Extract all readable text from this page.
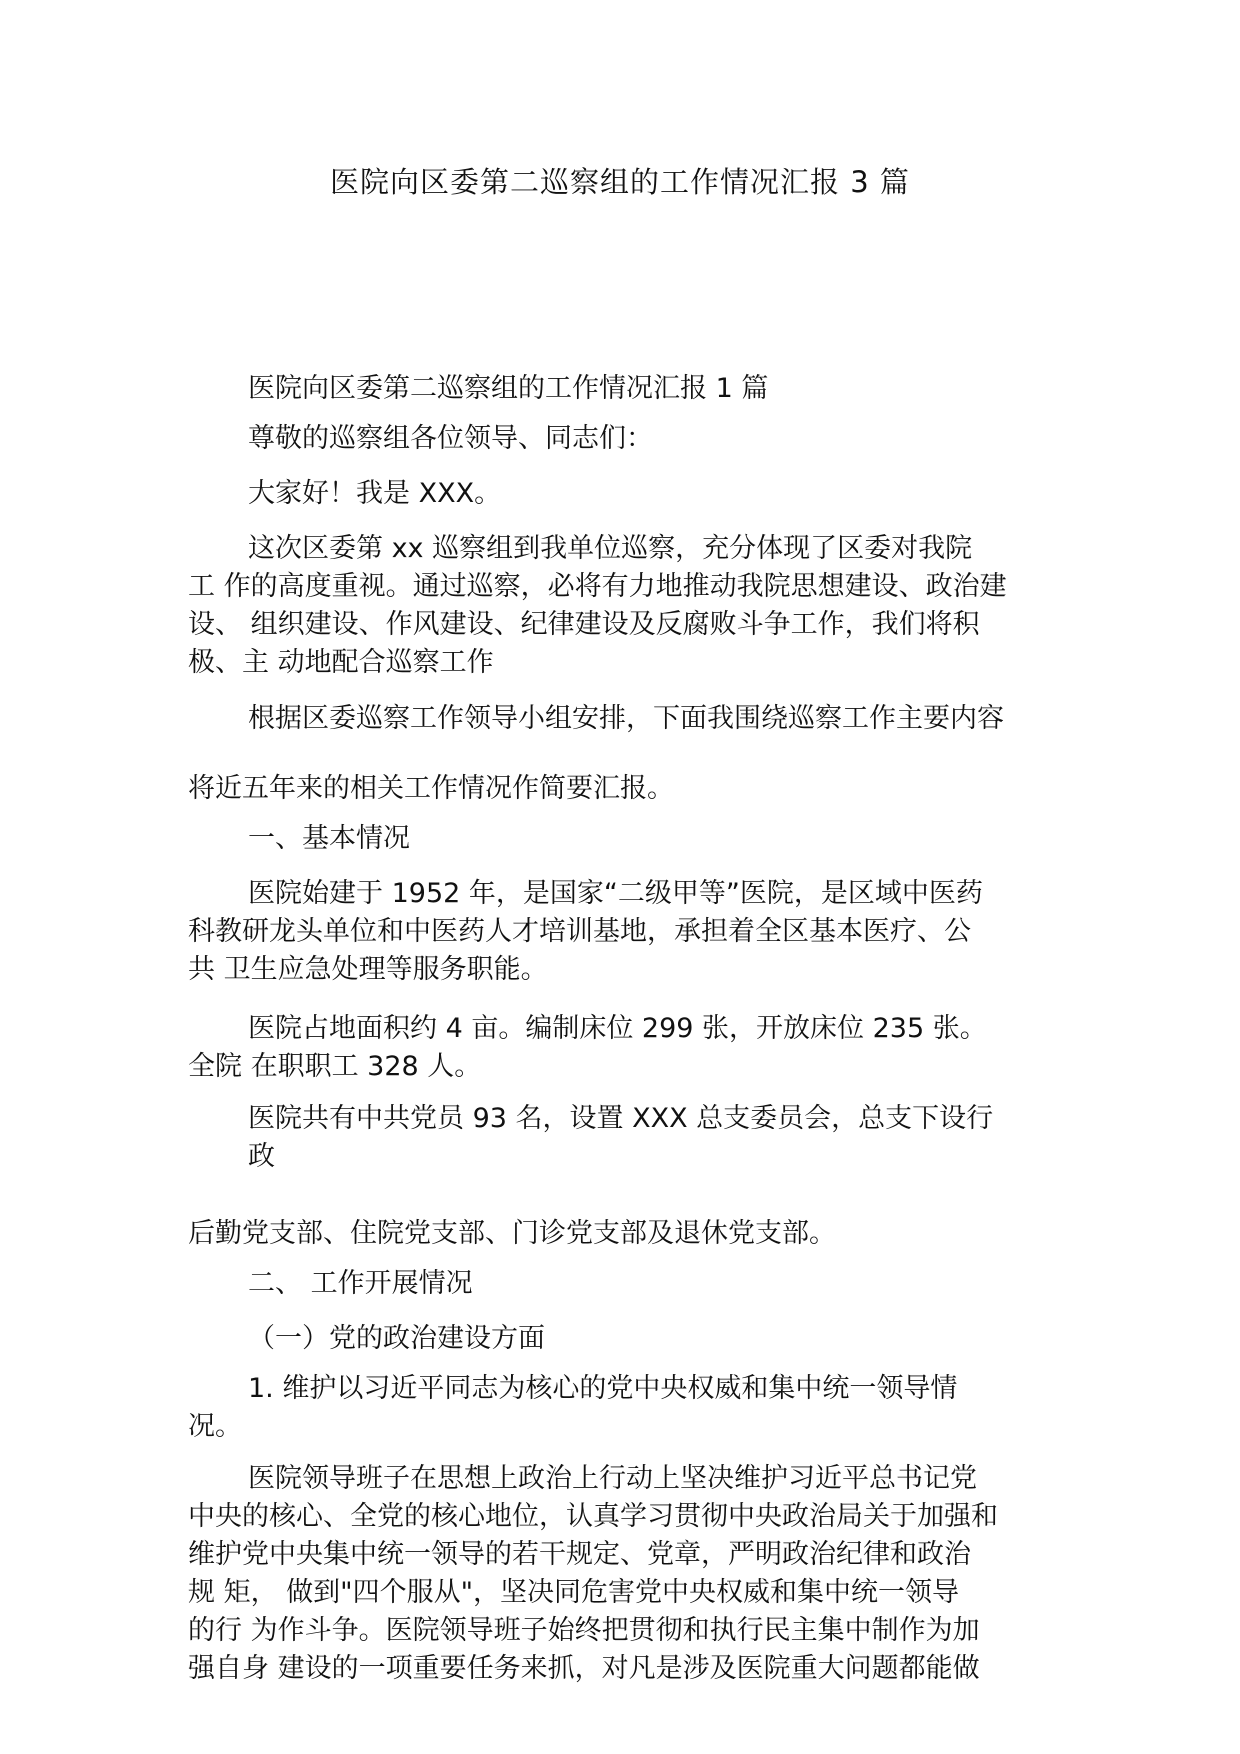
医院向区委第二巡察组的工作情况汇报 3 篇

医院向区委第二巡察组的工作情况汇报 1 篇

尊敬的巡察组各位领导、同志们：

大家好！我是 XXX。

这次区委第 xx 巡察组到我单位巡察，充分体现了区委对我院
工 作的高度重视。通过巡察，必将有力地推动我院思想建设、政治建
设、 组织建设、作风建设、纪律建设及反腐败斗争工作，我们将积
极、主 动地配合巡察工作

根据区委巡察工作领导小组安排，下面我围绕巡察工作主要内容

将近五年来的相关工作情况作简要汇报。

一、基本情况

医院始建于 1952 年，是国家“二级甲等”医院，是区域中医药
科教研龙头单位和中医药人才培训基地，承担着全区基本医疗、公
共 卫生应急处理等服务职能。

医院占地面积约 4 亩。编制床位 299 张，开放床位 235 张。
全院 在职职工 328 人。

医院共有中共党员 93 名，设置 XXX 总支委员会，总支下设行
政

后勤党支部、住院党支部、门诊党支部及退休党支部。

二、 工作开展情况

（一）党的政治建设方面

1. 维护以习近平同志为核心的党中央权威和集中统一领导情
况。

医院领导班子在思想上政治上行动上坚决维护习近平总书记党
中央的核心、全党的核心地位，认真学习贯彻中央政治局关于加强和
维护党中央集中统一领导的若干规定、党章，严明政治纪律和政治
规 矩， 做到"四个服从"，坚决同危害党中央权威和集中统一领导
的行 为作斗争。医院领导班子始终把贯彻和执行民主集中制作为加
强自身 建设的一项重要任务来抓，对凡是涉及医院重大问题都能做
